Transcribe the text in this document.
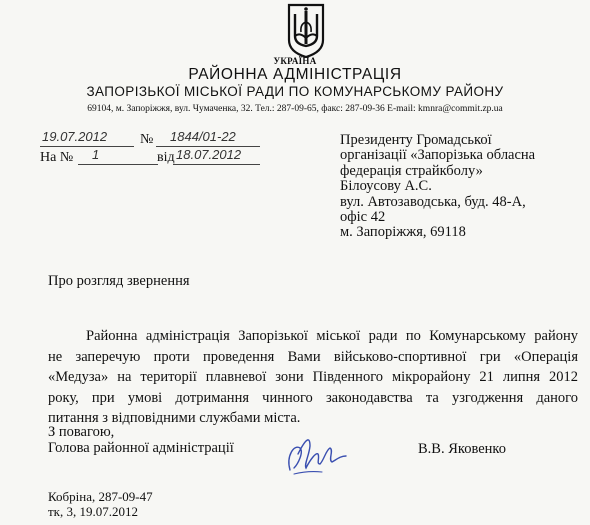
УКРАЇНА
РАЙОННА АДМІНІСТРАЦІЯ
ЗАПОРІЗЬКОЇ МІСЬКОЇ РАДИ ПО КОМУНАРСЬКОМУ РАЙОНУ
69104, м. Запоріжжя, вул. Чумаченка, 32. Тел.: 287-09-65, факс: 287-09-36 E-mail: kmnra@commit.zp.ua
19.07.2012 № 1844/01-22
На № 1	від 18.07.2012
Президенту Громадської
організації «Запорізька обласна
федерація страйкболу»
Білоусову А.С.
вул. Автозаводська, буд. 48-А,
офіс 42
м. Запоріжжя, 69118
Про розгляд звернення
Районна адміністрація Запорізької міської ради по Комунарському району
не заперечую проти проведення Вами військово-спортивної гри «Операція
«Медуза» на території плавневої зони Південного мікрорайону 21 липня 2012
року, при умові дотримання чинного законодавства та узгодження даного
питання з відповідними службами міста.
З повагою,
Голова районної адміністрації	В.В. Яковенко
Кобріна, 287-09-47
тк, 3, 19.07.2012
